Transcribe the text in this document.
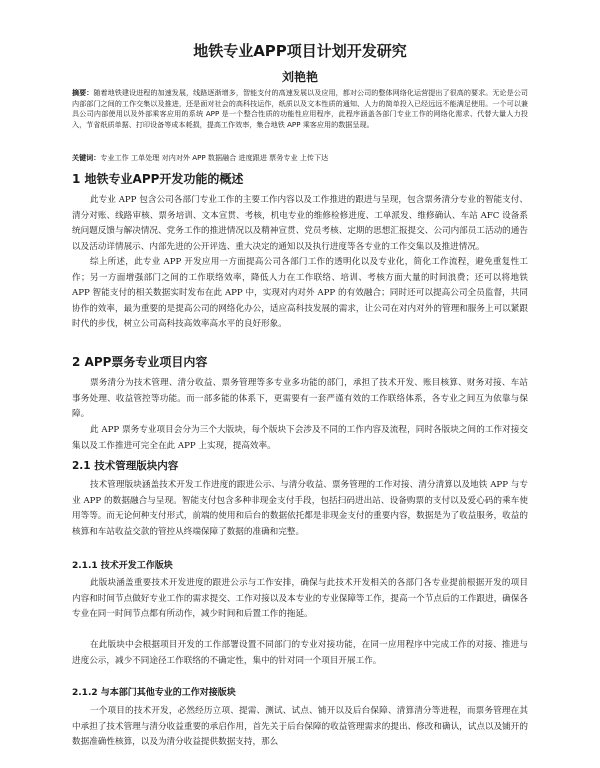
地铁专业APP项目计划开发研究

刘艳艳

摘要：随着地铁建设进程的加速发展，线路逐渐增多，智能支付的高速发展以及应用，都对公司的整体网络化运营提出了很高的要求。无论是公司内部部门之间的工作交集以及推进，还是面对社会的高科技运作，纸质以及文本性质的通知、人力的简单投入已经远远不能满足使用。一个可以兼具公司内部使用以及外部乘客应用的系统 APP 是一个整合性质的功能性应用程序，此程序涵盖各部门专业工作的网络化需求、代替大量人力投入，节省纸质单据、打印设备等成本耗损，提高工作效率，集合地铁 APP 乘客应用的数据呈现。

关键词：专业工作 工单处理 对内对外 APP 数据融合 进度跟进 票务专业 上传下达

1 地铁专业APP开发功能的概述

此专业 APP 包含公司各部门专业工作的主要工作内容以及工作推进的跟进与呈现，包含票务清分专业的智能支付、清分对账、线路审核、票务培训、文本宣贯、考核，机电专业的维修检修进度、工单派发、维修确认、车站 AFC 设备系统问题反馈与解决情况、党务工作的推进情况以及精神宣贯、党员考核、定期的思想汇报提交、公司内部员工活动的通告以及活动详情展示、内部先进的公开评选、重大决定的通知以及执行进度等各专业的工作交集以及推进情况。

综上所述，此专业 APP 开发应用一方面提高公司各部门工作的透明化以及专业化，简化工作流程，避免重复性工作；另一方面增强部门之间的工作联络效率，降低人力在工作联络、培训、考核方面大量的时间浪费；还可以将地铁 APP 智能支付的相关数据实时发布在此 APP 中，实现对内对外 APP 的有效融合；同时还可以提高公司全员监督，共同协作的效率，最为重要的是提高公司的网络化办公，适应高科技发展的需求，让公司在对内对外的管理和服务上可以紧跟时代的步伐，树立公司高科技高效率高水平的良好形象。

2 APP票务专业项目内容

票务清分为技术管理、清分收益、票务管理等多专业多功能的部门，承担了技术开发、账目核算、财务对接、车站事务处理、收益管控等功能。而一部多能的体系下，更需要有一套严谨有效的工作联络体系，各专业之间互为依靠与保障。

此 APP 票务专业项目会分为三个大版块，每个版块下会涉及不同的工作内容及流程，同时各版块之间的工作对接交集以及工作推进可完全在此 APP 上实现，提高效率。

2.1 技术管理版块内容

技术管理版块涵盖技术开发工作进度的跟进公示、与清分收益、票务管理的工作对接、清分清算以及地铁 APP 与专业 APP 的数据融合与呈现。智能支付包含多种非现金支付手段，包括扫码进出站、设备购票的支付以及爱心码的乘车使用等等。而无论何种支付形式，前端的使用和后台的数据依托都是非现金支付的重要内容，数据是为了收益服务，收益的核算和车站收益交款的管控从终端保障了数据的准确和完整。

2.1.1 技术开发工作版块

此版块涵盖重要技术开发进度的跟进公示与工作安排，确保与此技术开发相关的各部门各专业提前根据开发的项目内容和时间节点做好专业工作的需求提交、工作对接以及本专业的专业保障等工作，提高一个节点后的工作跟进，确保各专业在同一时间节点都有所动作，减少时间和后置工作的拖延。

在此版块中会根据项目开发的工作部署设置不同部门的专业对接功能，在同一应用程序中完成工作的对接、推进与进度公示，减少不同途径工作联络的不确定性，集中的针对同一个项目开展工作。

2.1.2 与本部门其他专业的工作对接版块

一个项目的技术开发，必然经历立项、提需、测试、试点、铺开以及后台保障、清算清分等进程，而票务管理在其中承担了技术管理与清分收益重要的承启作用，首先关于后台保障的收益管理需求的提出、修改和确认，试点以及铺开的数据准确性核算，以及为清分收益提供数据支持，那么
